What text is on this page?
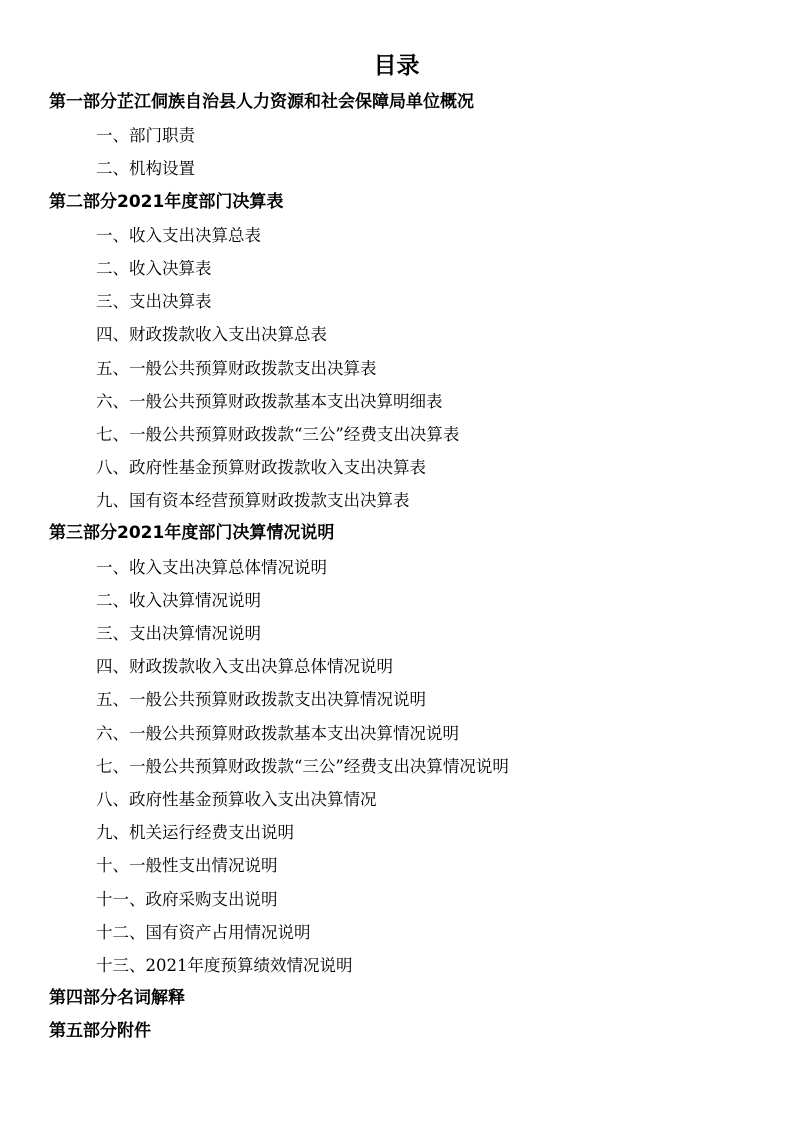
目录
第一部分芷江侗族自治县人力资源和社会保障局单位概况
一、部门职责
二、机构设置
第二部分2021年度部门决算表
一、收入支出决算总表
二、收入决算表
三、支出决算表
四、财政拨款收入支出决算总表
五、一般公共预算财政拨款支出决算表
六、一般公共预算财政拨款基本支出决算明细表
七、一般公共预算财政拨款“三公”经费支出决算表
八、政府性基金预算财政拨款收入支出决算表
九、国有资本经营预算财政拨款支出决算表
第三部分2021年度部门决算情况说明
一、收入支出决算总体情况说明
二、收入决算情况说明
三、支出决算情况说明
四、财政拨款收入支出决算总体情况说明
五、一般公共预算财政拨款支出决算情况说明
六、一般公共预算财政拨款基本支出决算情况说明
七、一般公共预算财政拨款“三公”经费支出决算情况说明
八、政府性基金预算收入支出决算情况
九、机关运行经费支出说明
十、一般性支出情况说明
十一、政府采购支出说明
十二、国有资产占用情况说明
十三、2021年度预算绩效情况说明
第四部分名词解释
第五部分附件
